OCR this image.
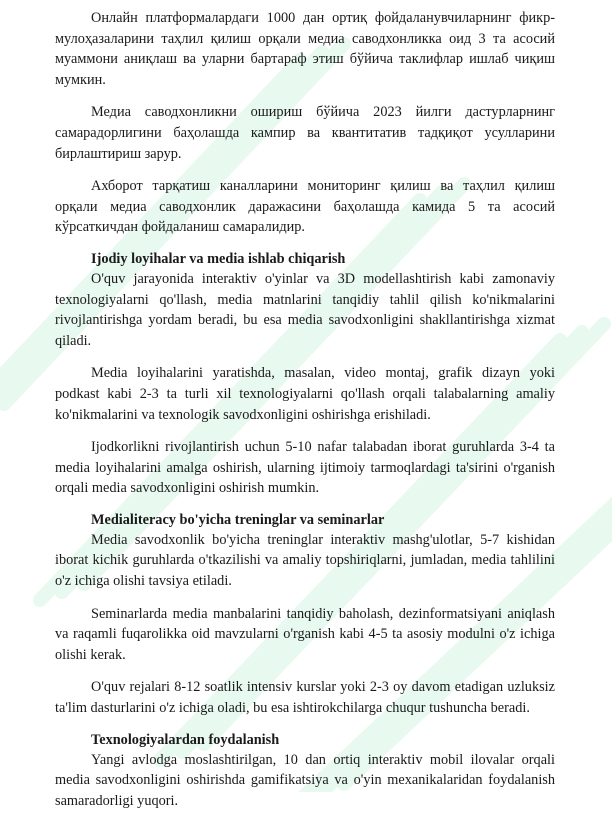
Онлайн платформалардаги 1000 дан ортиқ фойдаланувчиларнинг фикр-мулоҳазаларини таҳлил қилиш орқали медиа саводхонликка оид 3 та асосий муаммони аниқлаш ва уларни бартараф этиш бўйича таклифлар ишлаб чиқиш мумкин.

Медиа саводхонликни ошириш бўйича 2023 йилги дастурларнинг самарадорлигини баҳолашда кампир ва квантитатив тадқиқот усулларини бирлаштириш зарур.

Ахборот тарқатиш каналларини мониторинг қилиш ва таҳлил қилиш орқали медиа саводхонлик даражасини баҳолашда камида 5 та асосий кўрсаткичдан фойдаланиш самаралидир.

Ijodiy loyihalar va media ishlab chiqarish

O'quv jarayonida interaktiv o'yinlar va 3D modellashtirish kabi zamonaviy texnologiyalarni qo'llash, media matnlarini tanqidiy tahlil qilish ko'nikmalarini rivojlantirishga yordam beradi, bu esa media savodxonligini shakllantirishga xizmat qiladi.

Media loyihalarini yaratishda, masalan, video montaj, grafik dizayn yoki podkast kabi 2-3 ta turli xil texnologiyalarni qo'llash orqali talabalarning amaliy ko'nikmalarini va texnologik savodxonligini oshirishga erishiladi.

Ijodkorlikni rivojlantirish uchun 5-10 nafar talabadan iborat guruhlarda 3-4 ta media loyihalarini amalga oshirish, ularning ijtimoiy tarmoqlardagi ta'sirini o'rganish orqali media savodxonligini oshirish mumkin.

Medialiteracy bo'yicha treninglar va seminarlar

Media savodxonlik bo'yicha treninglar interaktiv mashg'ulotlar, 5-7 kishidan iborat kichik guruhlarda o'tkazilishi va amaliy topshiriqlarni, jumladan, media tahlilini o'z ichiga olishi tavsiya etiladi.

Seminarlarda media manbalarini tanqidiy baholash, dezinformatsiyani aniqlash va raqamli fuqarolikka oid mavzularni o'rganish kabi 4-5 ta asosiy modulni o'z ichiga olishi kerak.

O'quv rejalari 8-12 soatlik intensiv kurslar yoki 2-3 oy davom etadigan uzluksiz ta'lim dasturlarini o'z ichiga oladi, bu esa ishtirokchilarga chuqur tushuncha beradi.

Texnologiyalardan foydalanish

Yangi avlodga moslashtirilgan, 10 dan ortiq interaktiv mobil ilovalar orqali media savodxonligini oshirishda gamifikatsiya va o'yin mexanikalaridan foydalanish samaradorligi yuqori.
